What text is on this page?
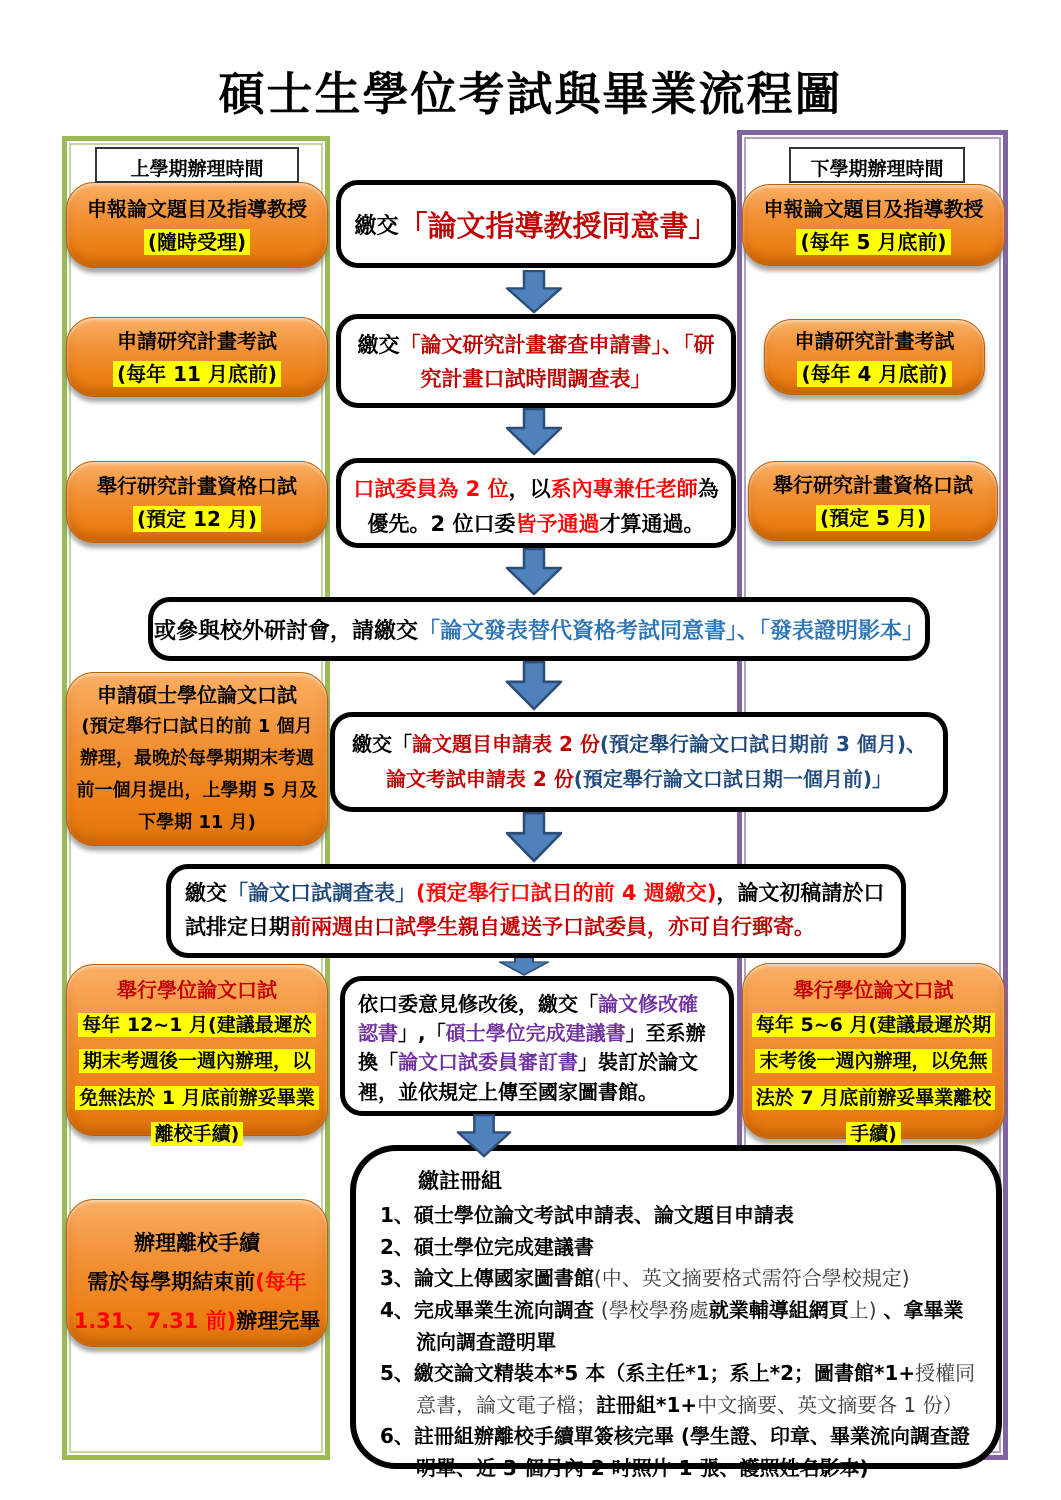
碩士生學位考試與畢業流程圖
上學期辦理時間	下學期辦理時間
申報論文題目及指導教授
(隨時受理)
申請研究計畫考試
(每年 11 月底前)
舉行研究計畫資格口試
(預定 12 月)
申請碩士學位論文口試
(預定舉行口試日的前 1 個月辦理，最晚於每學期期末考週前一個月提出，上學期 5 月及下學期 11 月)
舉行學位論文口試
每年 12~1 月(建議最遲於期末考週後一週內辦理，以免無法於 1 月底前辦妥畢業離校手續)
辦理離校手續
需於每學期結束前(每年 1.31、7.31 前)辦理完畢
申報論文題目及指導教授
(每年 5 月底前)
申請研究計畫考試
(每年 4 月底前)
舉行研究計畫資格口試
(預定 5 月)
舉行學位論文口試
每年 5~6 月(建議最遲於期末考後一週內辦理，以免無法於 7 月底前辦妥畢業離校手續)
繳交 「論文指導教授同意書」
繳交「論文研究計畫審查申請書」、「研究計畫口試時間調查表」
口試委員為 2 位，以系內專兼任老師為優先。2 位口委皆予通過才算通過。
或參與校外研討會，請繳交 「論文發表替代資格考試同意書」、「發表證明影本」
繳交「論文題目申請表 2 份(預定舉行論文口試日期前 3 個月)、論文考試申請表 2 份(預定舉行論文口試日期一個月前)」
繳交「論文口試調查表」(預定舉行口試日的前 4 週繳交)，論文初稿請於口試排定日期前兩週由口試學生親自遞送予口試委員，亦可自行郵寄。
依口委意見修改後，繳交「論文修改確認書」,「碩士學位完成建議書」至系辦換「論文口試委員審訂書」裝訂於論文裡，並依規定上傳至國家圖書館。
繳註冊組
1、碩士學位論文考試申請表、論文題目申請表
2、碩士學位完成建議書
3、論文上傳國家圖書館(中、英文摘要格式需符合學校規定)
4、完成畢業生流向調查 (學校學務處就業輔導組網頁上) 、拿畢業流向調查證明單
5、繳交論文精裝本*5 本（系主任*1；系上*2；圖書館*1+授權同意書，論文電子檔；註冊組*1+中文摘要、英文摘要各 1 份）
6、註冊組辦離校手續單簽核完畢 (學生證、印章、畢業流向調查證明單、近 3 個月內 2 吋照片 1 張、護照姓名影本)
